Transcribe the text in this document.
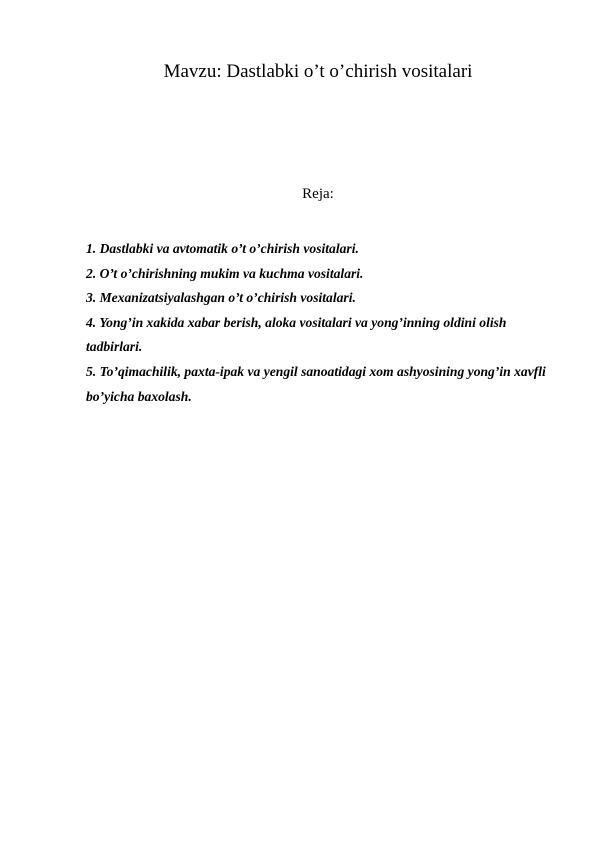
Mavzu: Dastlabki o’t o’chirish vositalari
Reja:
1. Dastlabki va avtomatik o’t o’chirish vositalari.
2. O’t o’chirishning mukim va kuchma vositalari.
3. Mexanizatsiyalashgan o’t o’chirish vositalari.
4. Yong’in xakida xabar berish, aloka vositalari va yong’inning oldini olish tadbirlari.
5. To’qimachilik, paxta-ipak va yengil sanoatidagi xom ashyosining yong’in xavfli bo’yicha baxolash.
